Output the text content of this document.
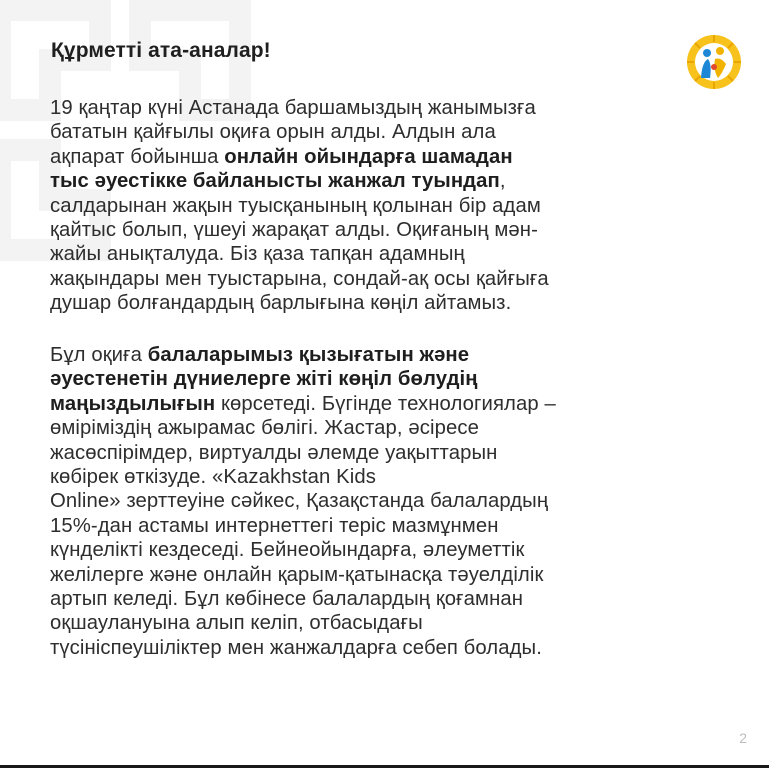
Құрметті ата-аналар!

19 қаңтар күні Астанада баршамыздың жанымызға
бататын қайғылы оқиға орын алды. Алдын ала
ақпарат бойынша онлайн ойындарға шамадан
тыс әуестікке байланысты жанжал туындап,
салдарынан жақын туысқанының қолынан бір адам
қайтыс болып, үшеуі жарақат алды. Оқиғаның мән-
жайы анықталуда. Біз қаза тапқан адамның
жақындары мен туыстарына, сондай-ақ осы қайғыға
душар болғандардың барлығына көңіл айтамыз.

Бұл оқиға балаларымыз қызығатын және
әуестенетін дүниелерге жіті көңіл бөлудің
маңыздылығын көрсетеді. Бүгінде технологиялар –
өміріміздің ажырамас бөлігі. Жастар, әсіресе
жасөспірімдер, виртуалды әлемде уақыттарын
көбірек өткізуде. «Kazakhstan Kids
Online» зерттеуіне сәйкес, Қазақстанда балалардың
15%-дан астамы интернеттегі теріс мазмұнмен
күнделікті кездеседі. Бейнеойындарға, әлеуметтік
желілерге және онлайн қарым-қатынасқа тәуелділік
артып келеді. Бұл көбінесе балалардың қоғамнан
оқшаулануына алып келіп, отбасыдағы
түсініспеушіліктер мен жанжалдарға себеп болады.

2
